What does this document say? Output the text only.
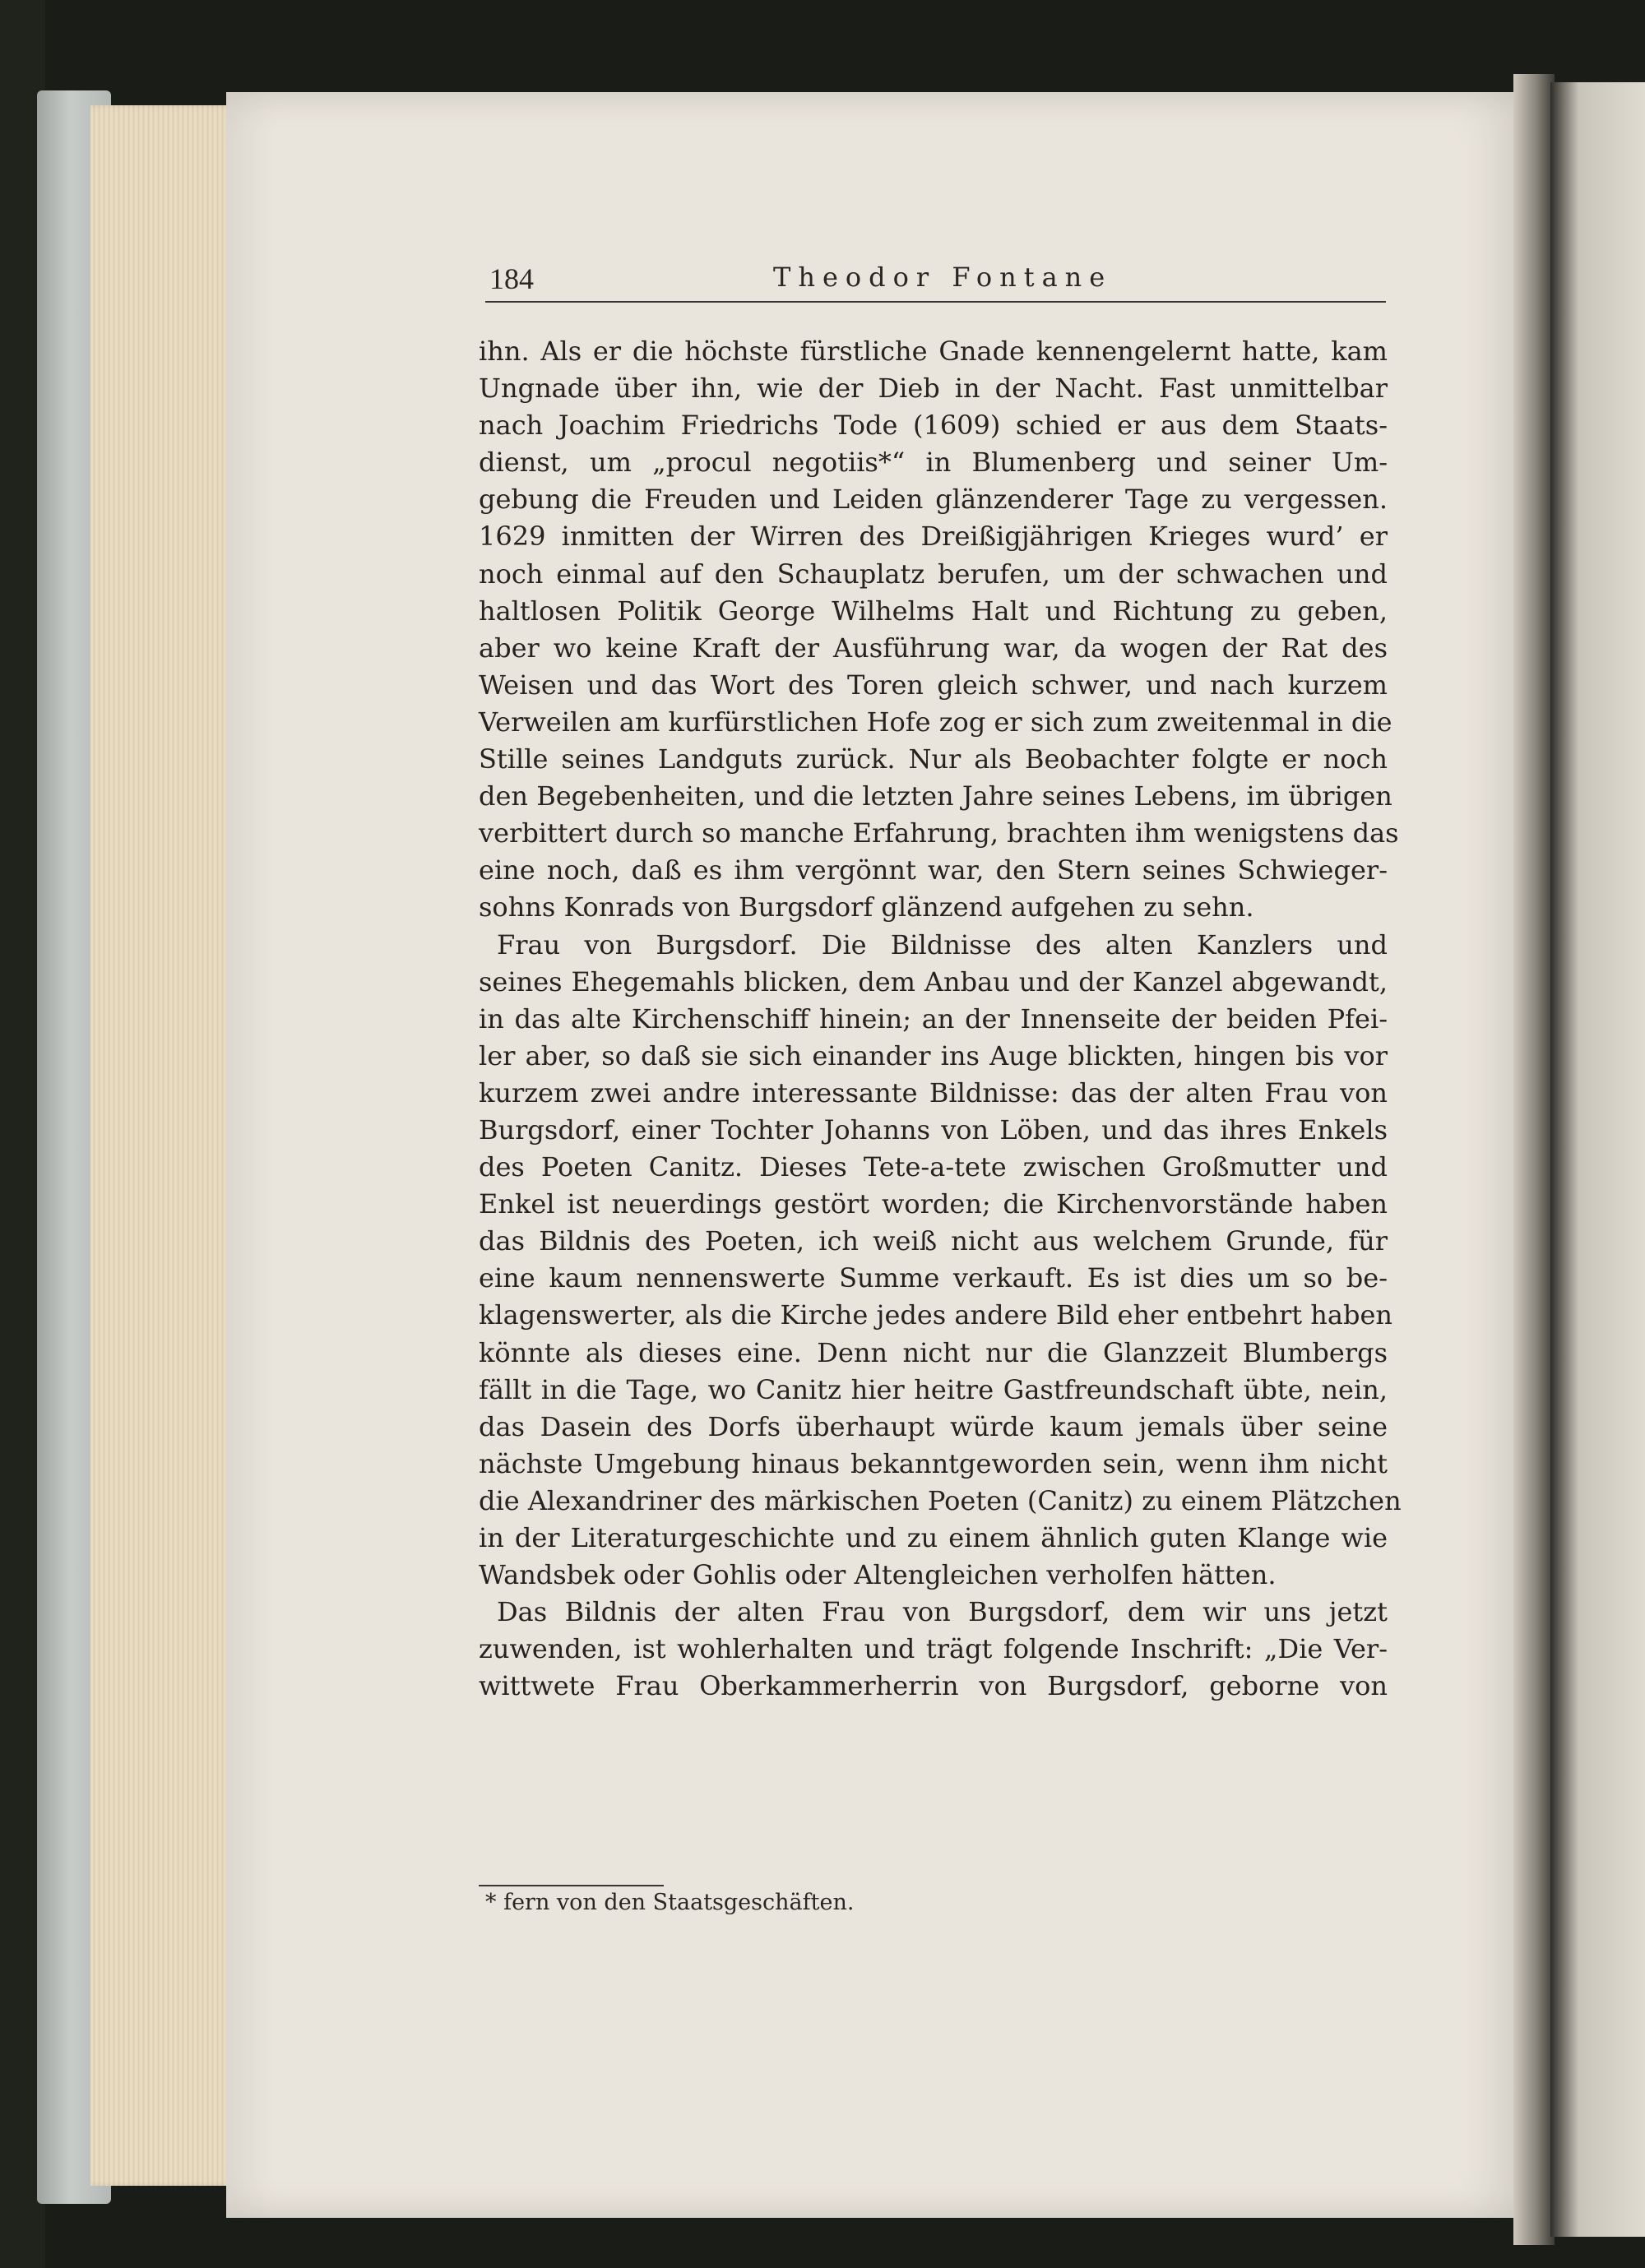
184	Theodor Fontane
ihn. Als er die höchste fürstliche Gnade kennengelernt hatte, kam
Ungnade über ihn, wie der Dieb in der Nacht. Fast unmittelbar
nach Joachim Friedrichs Tode (1609) schied er aus dem Staats-
dienst, um „procul negotiis*“ in Blumenberg und seiner Um-
gebung die Freuden und Leiden glänzenderer Tage zu vergessen.
1629 inmitten der Wirren des Dreißigjährigen Krieges wurd’ er
noch einmal auf den Schauplatz berufen, um der schwachen und
haltlosen Politik George Wilhelms Halt und Richtung zu geben,
aber wo keine Kraft der Ausführung war, da wogen der Rat des
Weisen und das Wort des Toren gleich schwer, und nach kurzem
Verweilen am kurfürstlichen Hofe zog er sich zum zweitenmal in die
Stille seines Landguts zurück. Nur als Beobachter folgte er noch
den Begebenheiten, und die letzten Jahre seines Lebens, im übrigen
verbittert durch so manche Erfahrung, brachten ihm wenigstens das
eine noch, daß es ihm vergönnt war, den Stern seines Schwieger-
sohns Konrads von Burgsdorf glänzend aufgehen zu sehn.
Frau von Burgsdorf. Die Bildnisse des alten Kanzlers und
seines Ehegemahls blicken, dem Anbau und der Kanzel abgewandt,
in das alte Kirchenschiff hinein; an der Innenseite der beiden Pfei-
ler aber, so daß sie sich einander ins Auge blickten, hingen bis vor
kurzem zwei andre interessante Bildnisse: das der alten Frau von
Burgsdorf, einer Tochter Johanns von Löben, und das ihres Enkels
des Poeten Canitz. Dieses Tete-a-tete zwischen Großmutter und
Enkel ist neuerdings gestört worden; die Kirchenvorstände haben
das Bildnis des Poeten, ich weiß nicht aus welchem Grunde, für
eine kaum nennenswerte Summe verkauft. Es ist dies um so be-
klagenswerter, als die Kirche jedes andere Bild eher entbehrt haben
könnte als dieses eine. Denn nicht nur die Glanzzeit Blumbergs
fällt in die Tage, wo Canitz hier heitre Gastfreundschaft übte, nein,
das Dasein des Dorfs überhaupt würde kaum jemals über seine
nächste Umgebung hinaus bekanntgeworden sein, wenn ihm nicht
die Alexandriner des märkischen Poeten (Canitz) zu einem Plätzchen
in der Literaturgeschichte und zu einem ähnlich guten Klange wie
Wandsbek oder Gohlis oder Altengleichen verholfen hätten.
Das Bildnis der alten Frau von Burgsdorf, dem wir uns jetzt
zuwenden, ist wohlerhalten und trägt folgende Inschrift: „Die Ver-
wittwete Frau Oberkammerherrin von Burgsdorf, geborne von
* fern von den Staatsgeschäften.
